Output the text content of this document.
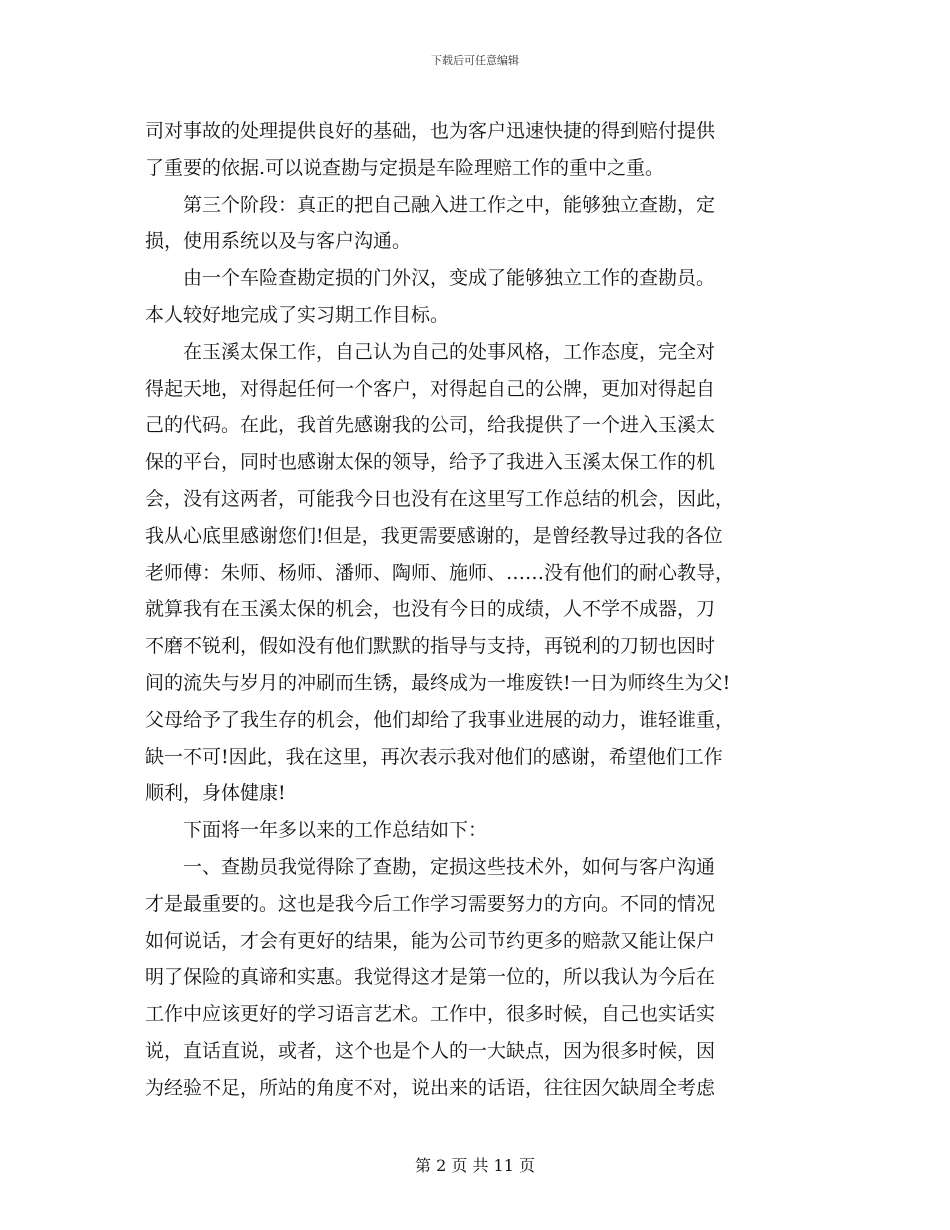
下载后可任意编辑
司对事故的处理提供良好的基础，也为客户迅速快捷的得到赔付提供
了重要的依据.可以说查勘与定损是车险理赔工作的重中之重。
第三个阶段：真正的把自己融入进工作之中，能够独立查勘，定
损，使用系统以及与客户沟通。
由一个车险查勘定损的门外汉，变成了能够独立工作的查勘员。
本人较好地完成了实习期工作目标。
在玉溪太保工作，自己认为自己的处事风格，工作态度，完全对
得起天地，对得起任何一个客户，对得起自己的公牌，更加对得起自
己的代码。在此，我首先感谢我的公司，给我提供了一个进入玉溪太
保的平台，同时也感谢太保的领导，给予了我进入玉溪太保工作的机
会，没有这两者，可能我今日也没有在这里写工作总结的机会，因此，
我从心底里感谢您们!但是，我更需要感谢的，是曾经教导过我的各位
老师傅：朱师、杨师、潘师、陶师、施师、……没有他们的耐心教导，
就算我有在玉溪太保的机会，也没有今日的成绩，人不学不成器，刀
不磨不锐利，假如没有他们默默的指导与支持，再锐利的刀韧也因时
间的流失与岁月的冲刷而生锈，最终成为一堆废铁!一日为师终生为父!
父母给予了我生存的机会，他们却给了我事业进展的动力，谁轻谁重，
缺一不可!因此，我在这里，再次表示我对他们的感谢，希望他们工作
顺利，身体健康!
下面将一年多以来的工作总结如下：
一、查勘员我觉得除了查勘，定损这些技术外，如何与客户沟通
才是最重要的。这也是我今后工作学习需要努力的方向。不同的情况
如何说话，才会有更好的结果，能为公司节约更多的赔款又能让保户
明了保险的真谛和实惠。我觉得这才是第一位的，所以我认为今后在
工作中应该更好的学习语言艺术。工作中，很多时候，自己也实话实
说，直话直说，或者，这个也是个人的一大缺点，因为很多时候，因
为经验不足，所站的角度不对，说出来的话语，往往因欠缺周全考虑
第 2 页 共 11 页
